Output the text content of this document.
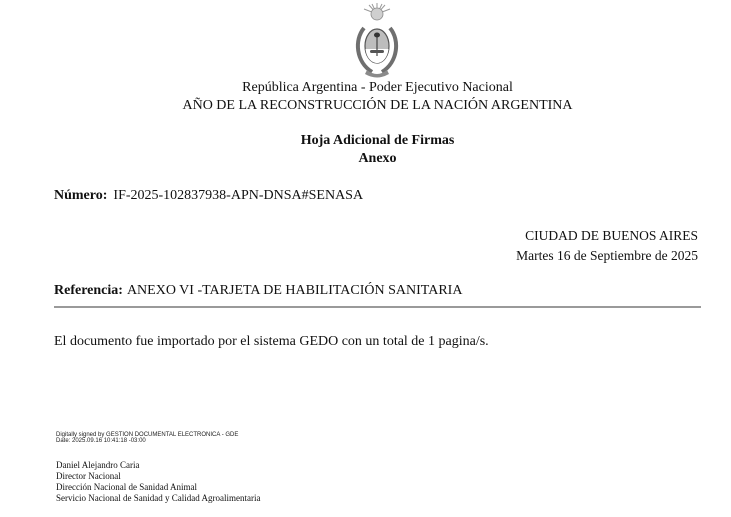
República Argentina - Poder Ejecutivo Nacional
AÑO DE LA RECONSTRUCCIÓN DE LA NACIÓN ARGENTINA
Hoja Adicional de Firmas
Anexo
Número: IF-2025-102837938-APN-DNSA#SENASA
CIUDAD DE BUENOS AIRES
Martes 16 de Septiembre de 2025
Referencia: ANEXO VI -TARJETA DE HABILITACIÓN SANITARIA
El documento fue importado por el sistema GEDO con un total de 1 pagina/s.
Digitally signed by GESTION DOCUMENTAL ELECTRONICA - GDE
Date: 2025.09.16 10:41:18 -03:00
Daniel Alejandro Caria
Director Nacional
Dirección Nacional de Sanidad Animal
Servicio Nacional de Sanidad y Calidad Agroalimentaria
